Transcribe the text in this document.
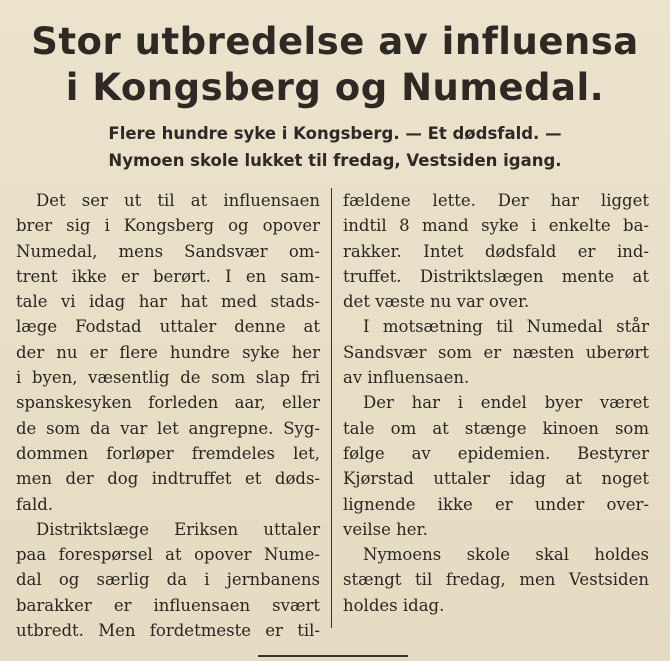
Stor utbredelse av influensa
i Kongsberg og Numedal.

Flere hundre syke i Kongsberg. — Et dødsfald. —

Nymoen skole lukket til fredag, Vestsiden igang.

Det ser ut til at influensaen
brer sig i Kongsberg og opover
Numedal, mens Sandsvær om-
trent ikke er berørt. I en sam-
tale vi idag har hat med stads-
læge Fodstad uttaler denne at
der nu er flere hundre syke her
i byen, væsentlig de som slap fri
spanskesyken forleden aar, eller
de som da var let angrepne. Syg-
dommen forløper fremdeles let,
men der dog indtruffet et døds-
fald.
Distriktslæge Eriksen uttaler
paa forespørsel at opover Nume-
dal og særlig da i jernbanens
barakker er influensaen svært
utbredt. Men fordetmeste er til-
fældene lette. Der har ligget
indtil 8 mand syke i enkelte ba-
rakker. Intet dødsfald er ind-
truffet. Distriktslægen mente at
det væste nu var over.
I motsætning til Numedal står
Sandsvær som er næsten uberørt
av influensaen.
Der har i endel byer været
tale om at stænge kinoen som
følge av epidemien. Bestyrer
Kjørstad uttaler idag at noget
lignende ikke er under over-
veilse her.
Nymoens skole skal holdes
stængt til fredag, men Vestsiden
holdes idag.
